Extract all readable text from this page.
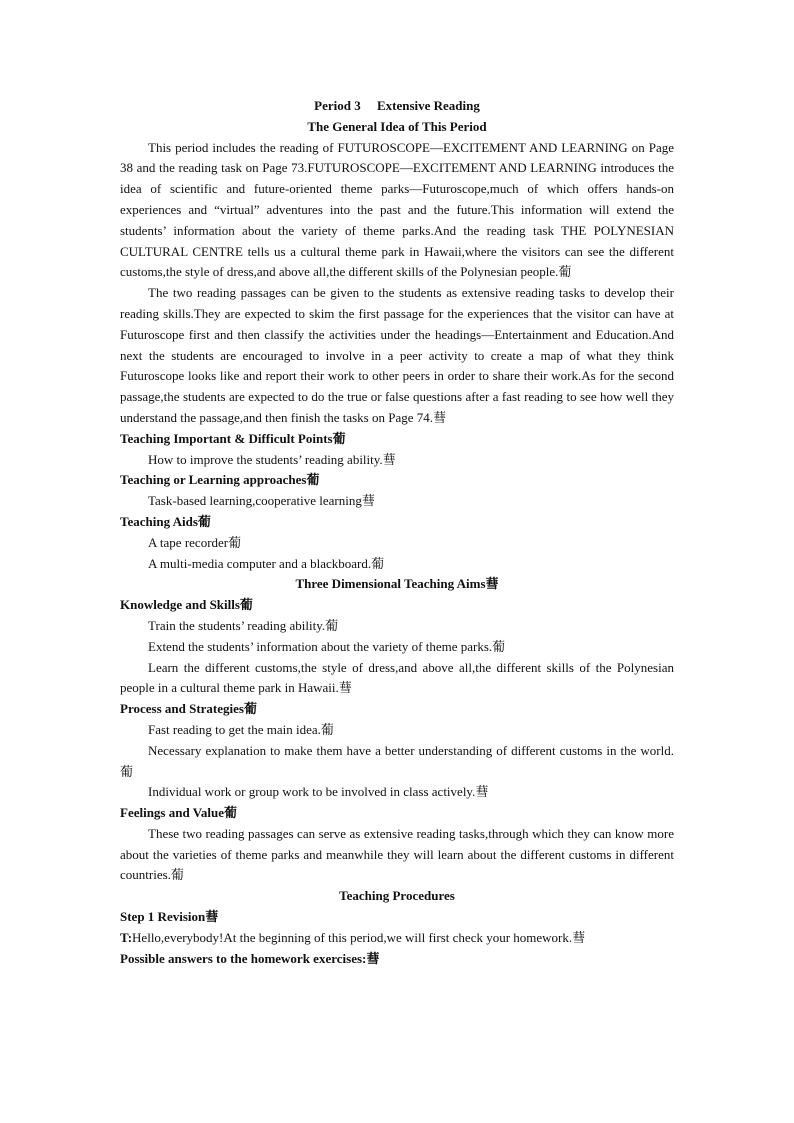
Period 3     Extensive Reading
The General Idea of This Period

This period includes the reading of FUTUROSCOPE—EXCITEMENT AND LEARNING on Page 38 and the reading task on Page 73.FUTUROSCOPE—EXCITEMENT AND LEARNING introduces the idea of scientific and future-oriented theme parks—Futuroscope,much of which offers hands-on experiences and “virtual” adventures into the past and the future.This information will extend the students’ information about the variety of theme parks.And the reading task THE POLYNESIAN CULTURAL CENTRE tells us a cultural theme park in Hawaii,where the visitors can see the different customs,the style of dress,and above all,the different skills of the Polynesian people.葡

The two reading passages can be given to the students as extensive reading tasks to develop their reading skills.They are expected to skim the first passage for the experiences that the visitor can have at Futuroscope first and then classify the activities under the headings—Entertainment and Education.And next the students are encouraged to involve in a peer activity to create a map of what they think Futuroscope looks like and report their work to other peers in order to share their work.As for the second passage,the students are expected to do the true or false questions after a fast reading to see how well they understand the passage,and then finish the tasks on Page 74.蔧

Teaching Important & Difficult Points葡

How to improve the students’ reading ability.蔧

Teaching or Learning approaches葡

Task-based learning,cooperative learning蔧

Teaching Aids葡

A tape recorder葡

A multi-media computer and a blackboard.葡

Three Dimensional Teaching Aims蔧
Knowledge and Skills葡

Train the students’ reading ability.葡

Extend the students’ information about the variety of theme parks.葡

Learn the different customs,the style of dress,and above all,the different skills of the Polynesian people in a cultural theme park in Hawaii.蔧

Process and Strategies葡

Fast reading to get the main idea.葡

Necessary explanation to make them have a better understanding of different customs in the world.葡

Individual work or group work to be involved in class actively.蔧

Feelings and Value葡

These two reading passages can serve as extensive reading tasks,through which they can know more about the varieties of theme parks and meanwhile they will learn about the different customs in different countries.葡

Teaching Procedures
Step 1 Revision蔧

T:Hello,everybody!At the beginning of this period,we will first check your homework.蔧

Possible answers to the homework exercises:蔧
